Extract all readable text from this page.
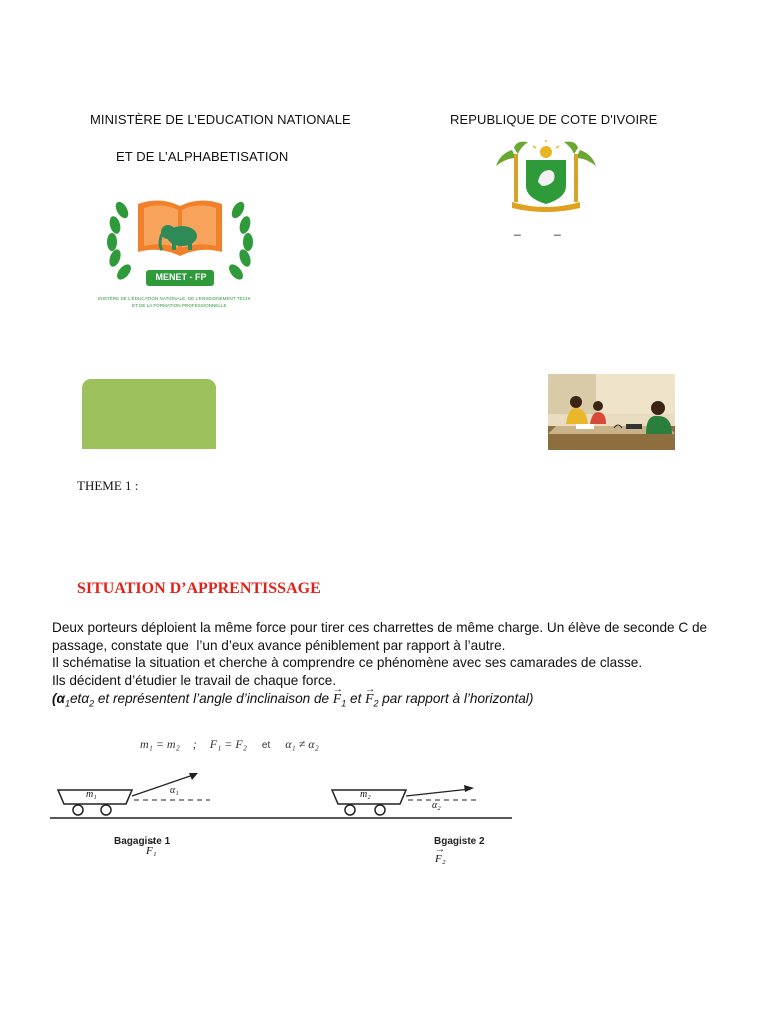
MINISTÈRE DE L’EDUCATION NATIONALE
ET DE L’ALPHABETISATION
REPUBLIQUE DE COTE D'IVOIRE
MENET - FP
INISTÈRE DE L'ÉDUCATION NATIONALE, DE L'ENSEIGNEMENT TECHI
ET DE LA FORMATION PROFESSIONNELLE
_          _
THEME 1 :
SITUATION D’APPRENTISSAGE
Deux porteurs déploient la même force pour tirer ces charrettes de même charge. Un élève de seconde C de
passage, constate que  l’un d’eux avance péniblement par rapport à l’autre.
Il schématise la situation et cherche à comprendre ce phénomène avec ses camarades de classe.
Ils décident d’étudier le travail de chaque force.
($\alpha_1et\alpha_2$ et représentent l’angle d’inclinaison de → $F_1$ et → $F_2$ par rapport à l’horizontal)
m₁ = m₂ ; F₁ = F₂ et α₁ ≠ α₂

m₁	m₂
→ F₁
α₁
→ F₂
α₂
Bagagiste 1	Bgagiste 2
